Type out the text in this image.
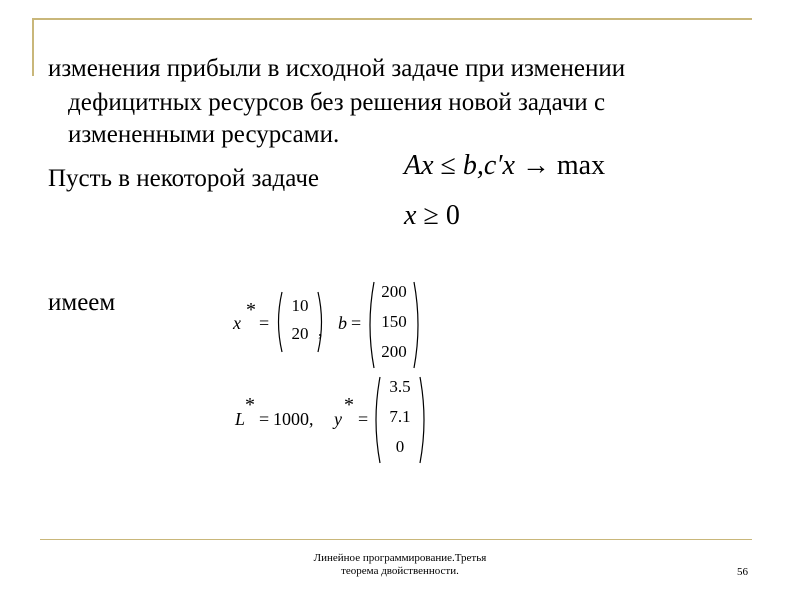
изменения прибыли в исходной задаче при изменении
дефицитных ресурсов без решения новой задачи с
измененными ресурсами.
Пусть в некоторой задаче
имеем
Ax ≤ b,c′x → max
x ≥ 0
x
*
=
10
20 , b =
200
150
200
L
*
= 1000, y
*
=
3.5
7.1
0
Линейное программирование.Третья
теорема двойственности.	56
